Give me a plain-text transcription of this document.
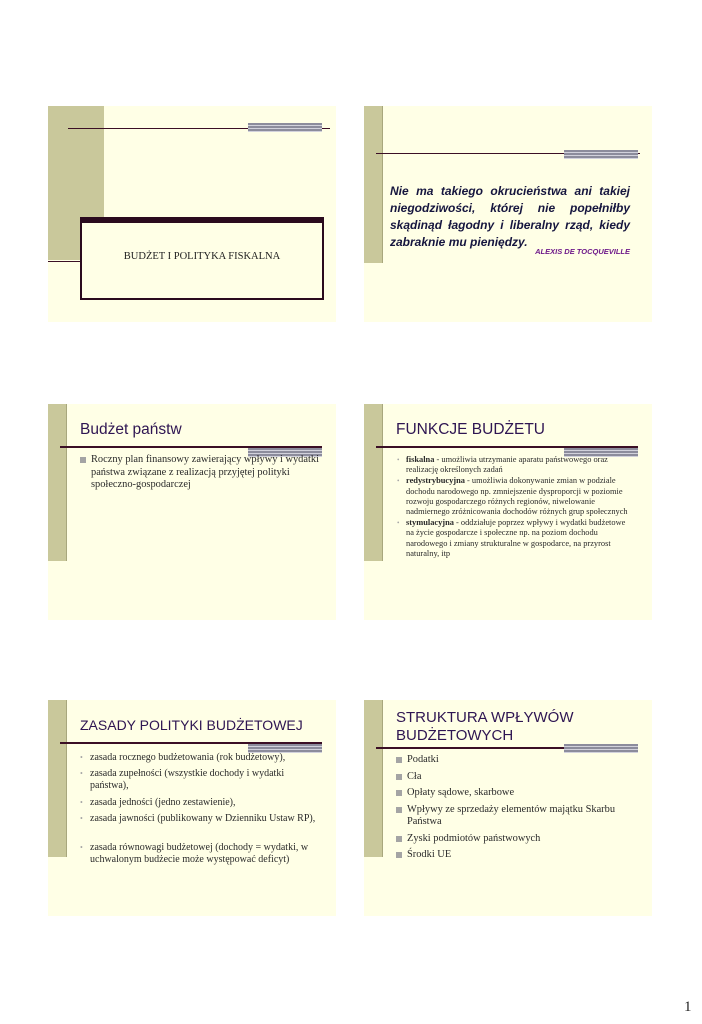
BUDŻET I POLITYKA FISKALNA
Nie ma takiego okrucieństwa ani takiej niegodziwości, której nie popełniłby skądinąd łagodny i liberalny rząd, kiedy zabraknie mu pieniędzy.
ALEXIS DE TOCQUEVILLE
Budżet państw
Roczny plan finansowy zawierający wpływy i wydatki państwa związane z realizacją przyjętej polityki społeczno-gospodarczej
FUNKCJE BUDŻETU
• fiskalna - umożliwia utrzymanie aparatu państwowego oraz realizację określonych zadań
• redystrybucyjna - umożliwia dokonywanie zmian w podziale dochodu narodowego np. zmniejszenie dysproporcji w poziomie rozwoju gospodarczego różnych regionów, niwelowanie nadmiernego zróżnicowania dochodów różnych grup społecznych
• stymulacyjna - oddziałuje poprzez wpływy i wydatki budżetowe na życie gospodarcze i społeczne np. na poziom dochodu narodowego i zmiany strukturalne w gospodarce, na przyrost naturalny, itp
ZASADY POLITYKI BUDŻETOWEJ
• zasada rocznego budżetowania (rok budżetowy),
• zasada zupełności (wszystkie dochody i wydatki państwa),
• zasada jedności (jedno zestawienie),
• zasada jawności (publikowany w Dzienniku Ustaw RP),
• zasada równowagi budżetowej (dochody = wydatki, w uchwalonym budżecie może występować deficyt)
STRUKTURA WPŁYWÓW BUDŻETOWYCH
Podatki
Cła
Opłaty sądowe, skarbowe
Wpływy ze sprzedaży elementów majątku Skarbu Państwa
Zyski podmiotów państwowych
Środki UE
1
